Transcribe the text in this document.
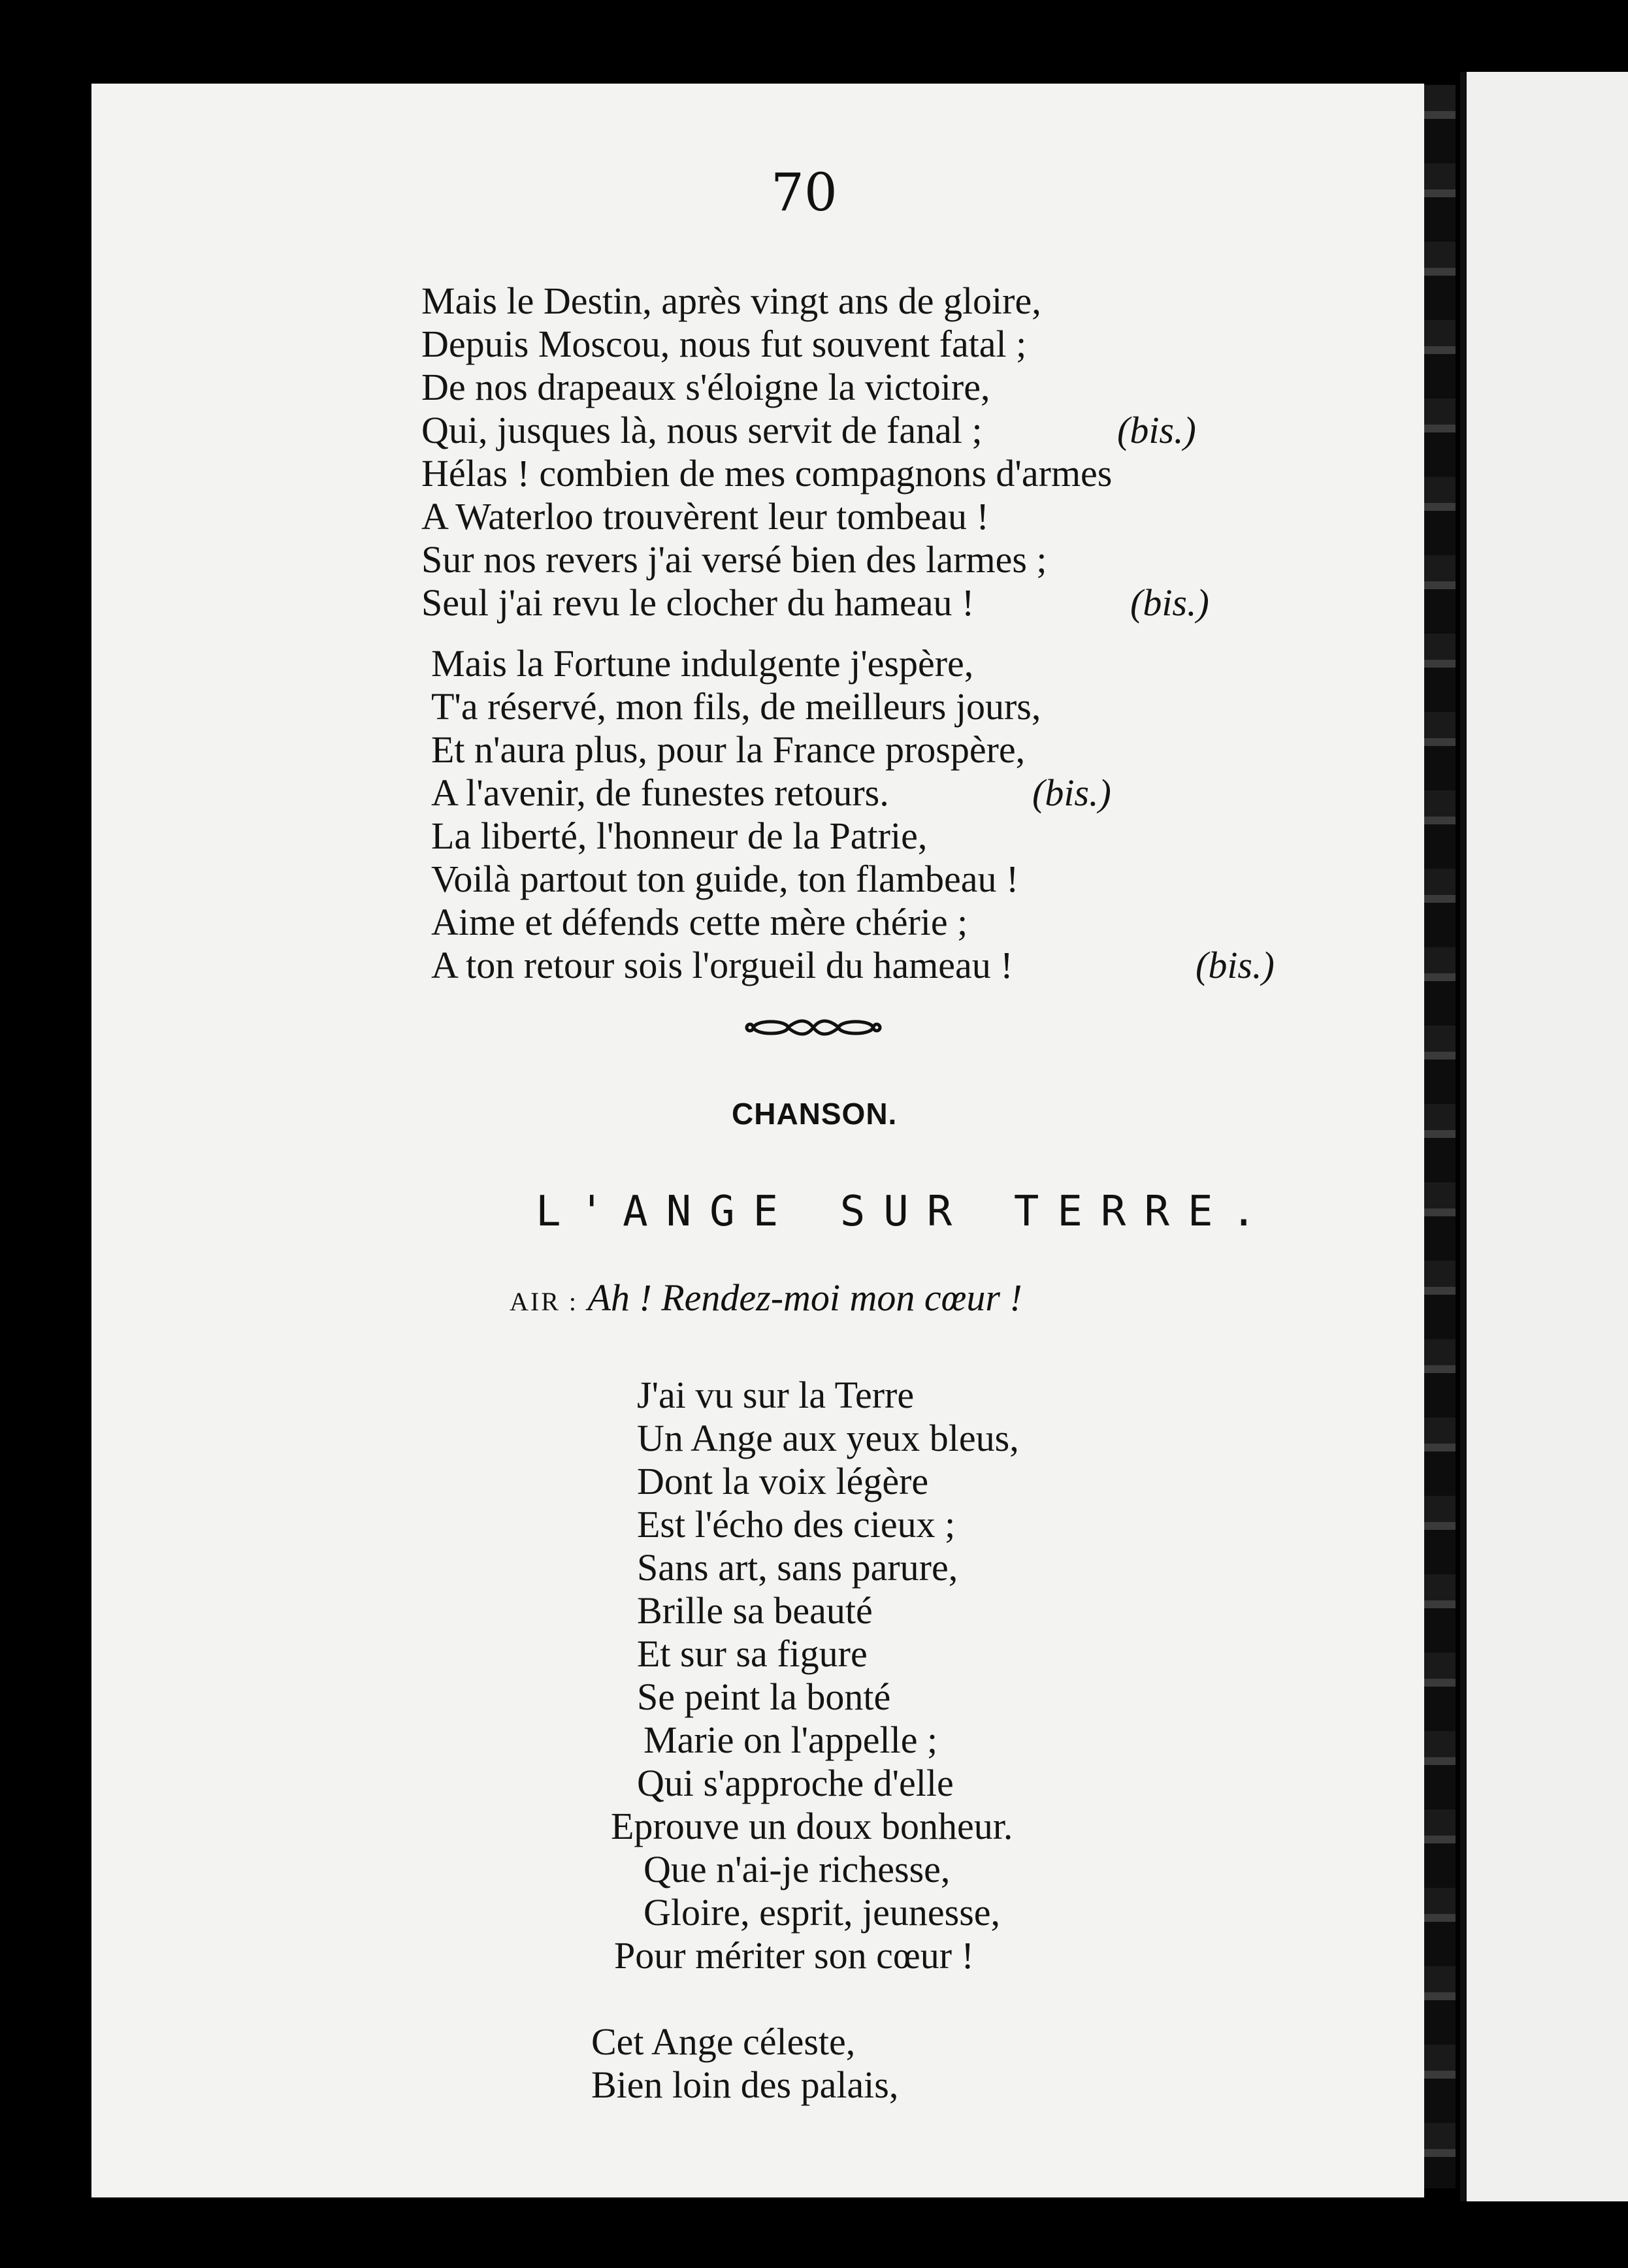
70
Mais le Destin, après vingt ans de gloire,
Depuis Moscou, nous fut souvent fatal ;
De nos drapeaux s'éloigne la victoire,
Qui, jusques là, nous servit de fanal ;	(bis.)
Hélas ! combien de mes compagnons d'armes
A Waterloo trouvèrent leur tombeau !
Sur nos revers j'ai versé bien des larmes ;
Seul j'ai revu le clocher du hameau !	(bis.)
Mais la Fortune indulgente j'espère,
T'a réservé, mon fils, de meilleurs jours,
Et n'aura plus, pour la France prospère,
A l'avenir, de funestes retours.	(bis.)
La liberté, l'honneur de la Patrie,
Voilà partout ton guide, ton flambeau !
Aime et défends cette mère chérie ;
A ton retour sois l'orgueil du hameau !	(bis.)
CHANSON.
L'ANGE SUR TERRE.
AIR : Ah ! Rendez-moi mon cœur !
J'ai vu sur la Terre
Un Ange aux yeux bleus,
Dont la voix légère
Est l'écho des cieux ;
Sans art, sans parure,
Brille sa beauté
Et sur sa figure
Se peint la bonté
Marie on l'appelle ;
Qui s'approche d'elle
Eprouve un doux bonheur.
Que n'ai-je richesse,
Gloire, esprit, jeunesse,
Pour mériter son cœur !
Cet Ange céleste,
Bien loin des palais,
